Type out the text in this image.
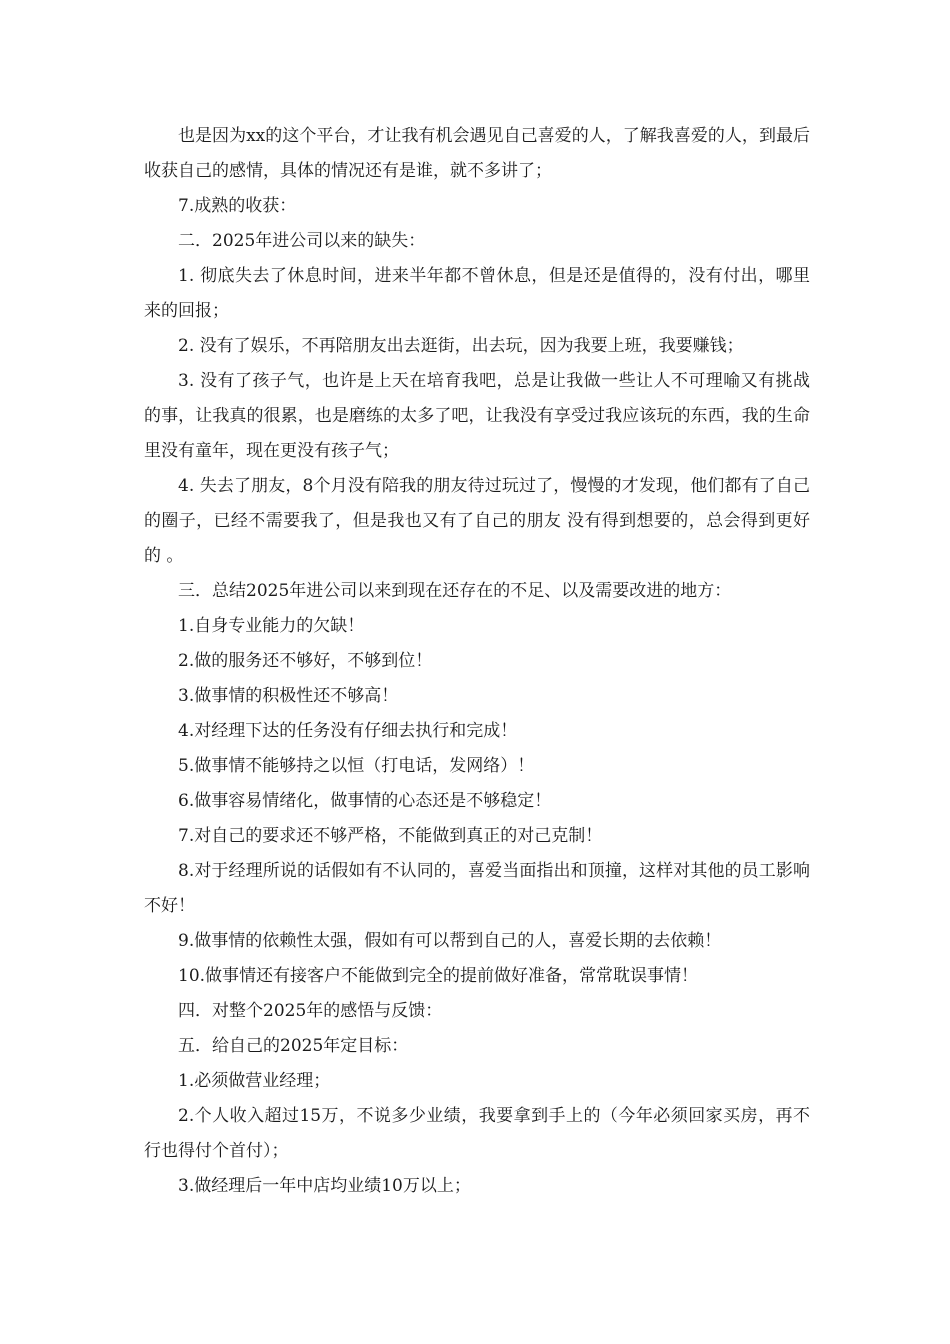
也是因为xx的这个平台，才让我有机会遇见自己喜爱的人，了解我喜爱的人，到最后收获自己的感情，具体的情况还有是谁，就不多讲了；

7.成熟的收获：

二．2025年进公司以来的缺失：

1. 彻底失去了休息时间，进来半年都不曾休息，但是还是值得的，没有付出，哪里来的回报；

2. 没有了娱乐，不再陪朋友出去逛街，出去玩，因为我要上班，我要赚钱；

3. 没有了孩子气，也许是上天在培育我吧，总是让我做一些让人不可理喻又有挑战的事，让我真的很累，也是磨练的太多了吧，让我没有享受过我应该玩的东西，我的生命里没有童年，现在更没有孩子气；

4. 失去了朋友，8个月没有陪我的朋友待过玩过了，慢慢的才发现，他们都有了自己的圈子，已经不需要我了，但是我也又有了自己的朋友 没有得到想要的，总会得到更好的 。

三．总结2025年进公司以来到现在还存在的不足、以及需要改进的地方：

1.自身专业能力的欠缺！

2.做的服务还不够好，不够到位！

3.做事情的积极性还不够高！

4.对经理下达的任务没有仔细去执行和完成！

5.做事情不能够持之以恒（打电话，发网络）！

6.做事容易情绪化，做事情的心态还是不够稳定！

7.对自己的要求还不够严格，不能做到真正的对己克制！

8.对于经理所说的话假如有不认同的，喜爱当面指出和顶撞，这样对其他的员工影响不好！

9.做事情的依赖性太强，假如有可以帮到自己的人，喜爱长期的去依赖！

10.做事情还有接客户不能做到完全的提前做好准备，常常耽误事情！

四．对整个2025年的感悟与反馈：

五．给自己的2025年定目标：

1.必须做营业经理；

2.个人收入超过15万，不说多少业绩，我要拿到手上的（今年必须回家买房，再不行也得付个首付）；

3.做经理后一年中店均业绩10万以上；
